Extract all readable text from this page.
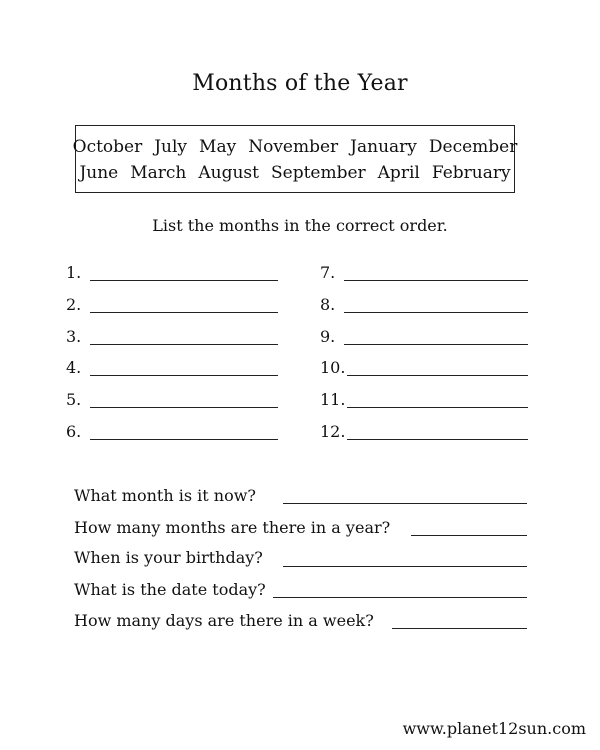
Months of the Year
October July May November January December
June March August September April February
List the months in the correct order.
1.
2.
3.
4.
5.
6.
7.
8.
9.
10.
11.
12.
What month is it now?
How many months are there in a year?
When is your birthday?
What is the date today?
How many days are there in a week?
www.planet12sun.com
